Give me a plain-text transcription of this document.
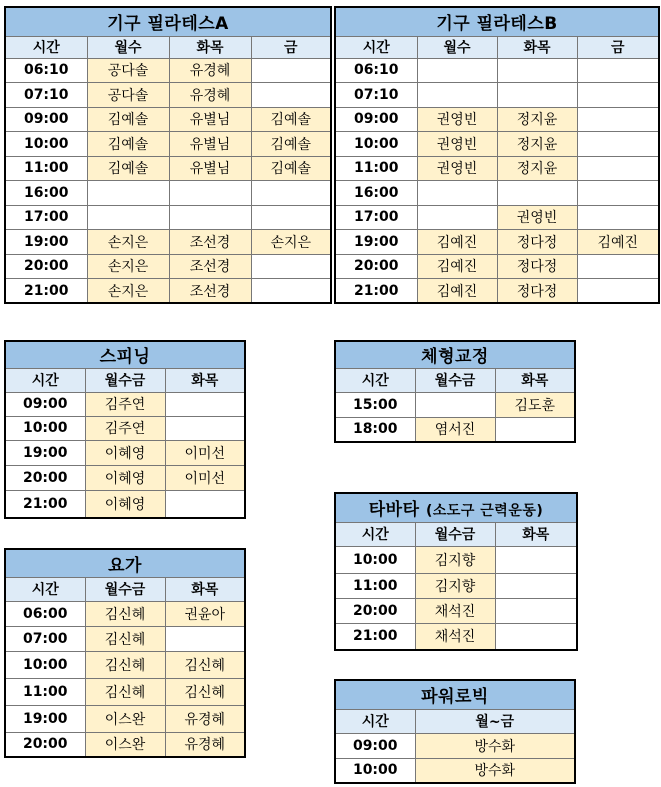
기구 필라테스A			
시간	월수	화목	금
06:10	공다솔	유경혜	
07:10	공다솔	유경혜	
09:00	김예솔	유별님	김예솔
10:00	김예솔	유별님	김예솔
11:00	김예솔	유별님	김예솔
16:00			
17:00			
19:00	손지은	조선경	손지은
20:00	손지은	조선경	
21:00	손지은	조선경	
기구 필라테스B			
시간	월수	화목	금
06:10			
07:10			
09:00	권영빈	정지윤	
10:00	권영빈	정지윤	
11:00	권영빈	정지윤	
16:00			
17:00		권영빈	
19:00	김예진	정다정	김예진
20:00	김예진	정다정	
21:00	김예진	정다정	
스피닝		
시간	월수금	화목
09:00	김주연	
10:00	김주연	
19:00	이혜영	이미선
20:00	이혜영	이미선
21:00	이혜영	
체형교정		
시간	월수금	화목
15:00		김도훈
18:00	염서진	
요가		
시간	월수금	화목
06:00	김신혜	권윤아
07:00	김신혜	
10:00	김신혜	김신혜
11:00	김신혜	김신혜
19:00	이스완	유경혜
20:00	이스완	유경혜
타바타 (소도구 근력운동)		
시간	월수금	화목
10:00	김지향	
11:00	김지향	
20:00	채석진	
21:00	채석진	
파워로빅	
시간	월~금
09:00	방수화
10:00	방수화
